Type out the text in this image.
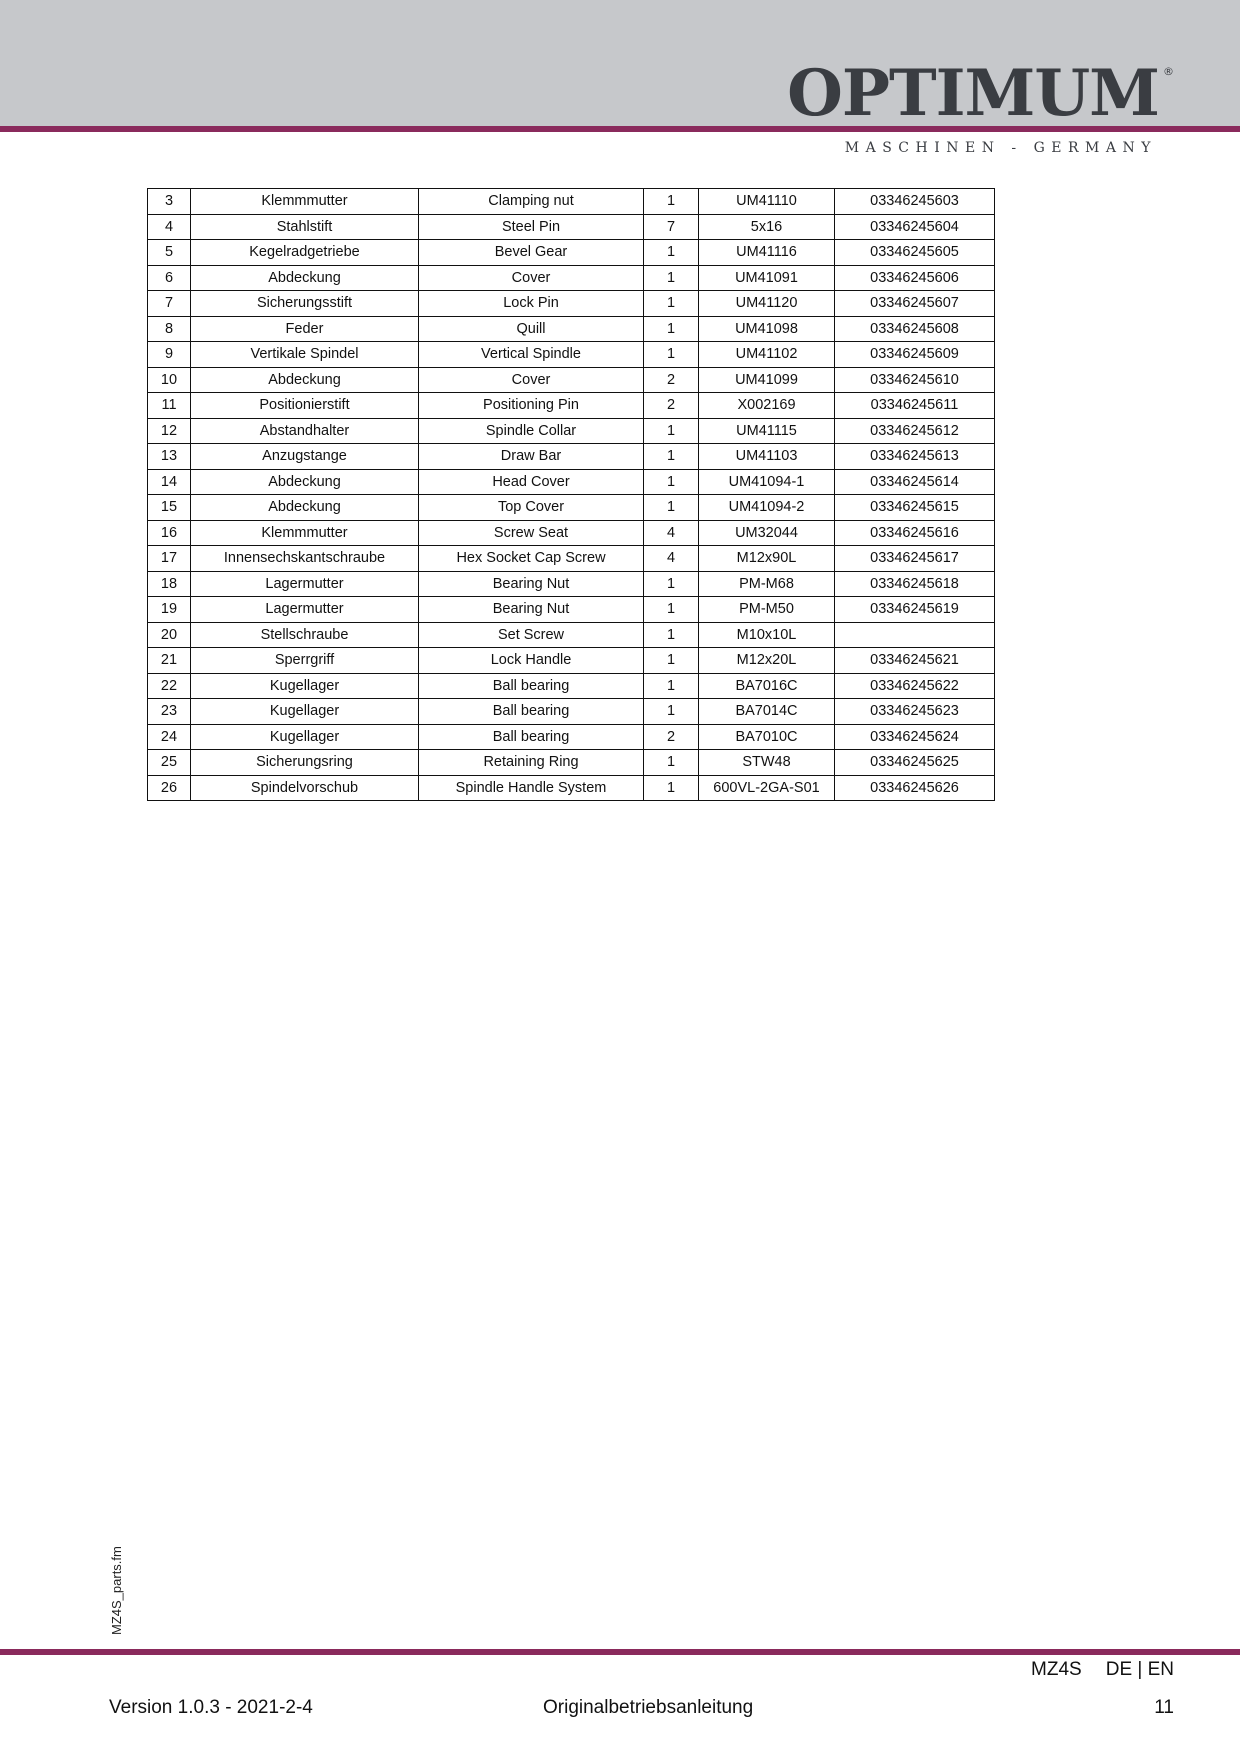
OPTIMUM ®
MASCHINEN - GERMANY
3	Klemmmutter	Clamping nut	1	UM41110	03346245603
4	Stahlstift	Steel Pin	7	5x16	03346245604
5	Kegelradgetriebe	Bevel Gear	1	UM41116	03346245605
6	Abdeckung	Cover	1	UM41091	03346245606
7	Sicherungsstift	Lock Pin	1	UM41120	03346245607
8	Feder	Quill	1	UM41098	03346245608
9	Vertikale Spindel	Vertical Spindle	1	UM41102	03346245609
10	Abdeckung	Cover	2	UM41099	03346245610
11	Positionierstift	Positioning Pin	2	X002169	03346245611
12	Abstandhalter	Spindle Collar	1	UM41115	03346245612
13	Anzugstange	Draw Bar	1	UM41103	03346245613
14	Abdeckung	Head Cover	1	UM41094-1	03346245614
15	Abdeckung	Top Cover	1	UM41094-2	03346245615
16	Klemmmutter	Screw Seat	4	UM32044	03346245616
17	Innensechskantschraube	Hex Socket Cap Screw	4	M12x90L	03346245617
18	Lagermutter	Bearing Nut	1	PM-M68	03346245618
19	Lagermutter	Bearing Nut	1	PM-M50	03346245619
20	Stellschraube	Set Screw	1	M10x10L	
21	Sperrgriff	Lock Handle	1	M12x20L	03346245621
22	Kugellager	Ball bearing	1	BA7016C	03346245622
23	Kugellager	Ball bearing	1	BA7014C	03346245623
24	Kugellager	Ball bearing	2	BA7010C	03346245624
25	Sicherungsring	Retaining Ring	1	STW48	03346245625
26	Spindelvorschub	Spindle Handle System	1	600VL-2GA-S01	03346245626
MZ4S_parts.fm
MZ4S DE | EN
Version 1.0.3 - 2021-2-4	Originalbetriebsanleitung	11
